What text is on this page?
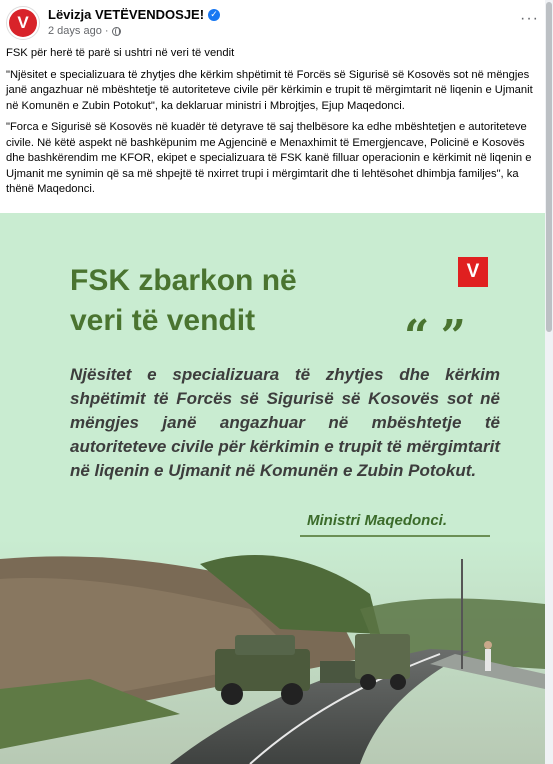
V	Lëvizja VETËVENDOSJE! ✓
2 days ago ·
···

FSK për herë të parë si ushtri në veri të vendit

"Njësitet e specializuara të zhytjes dhe kërkim shpëtimit të Forcës së Sigurisë së Kosovës sot në mëngjes janë angazhuar në mbështetje të autoriteteve civile për kërkimin e trupit të mërgimtarit në liqenin e Ujmanit në Komunën e Zubin Potokut", ka deklaruar ministri i Mbrojtjes, Ejup Maqedonci.

"Forca e Sigurisë së Kosovës në kuadër të detyrave të saj thelbësore ka edhe mbështetjen e autoriteteve civile. Në këtë aspekt në bashkëpunim me Agjencinë e Menaxhimit të Emergjencave, Policinë e Kosovës dhe bashkërendim me KFOR, ekipet e specializuara të FSK kanë filluar operacionin e kërkimit në liqenin e Ujmanit me synimin që sa më shpejtë të nxirret trupi i mërgimtarit dhe ti lehtësohet dhimbja familjes", ka thënë Maqedonci.

FSK zbarkon në
veri të vendit
V
“ ”
Njësitet e specializuara të zhytjes dhe kërkim shpëtimit të Forcës së Sigurisë së Kosovës sot në mëngjes janë angazhuar në mbështetje të autoriteteve civile për kërkimin e trupit të mërgimtarit në liqenin e Ujmanit në Komunën e Zubin Potokut.
Ministri Maqedonci.
